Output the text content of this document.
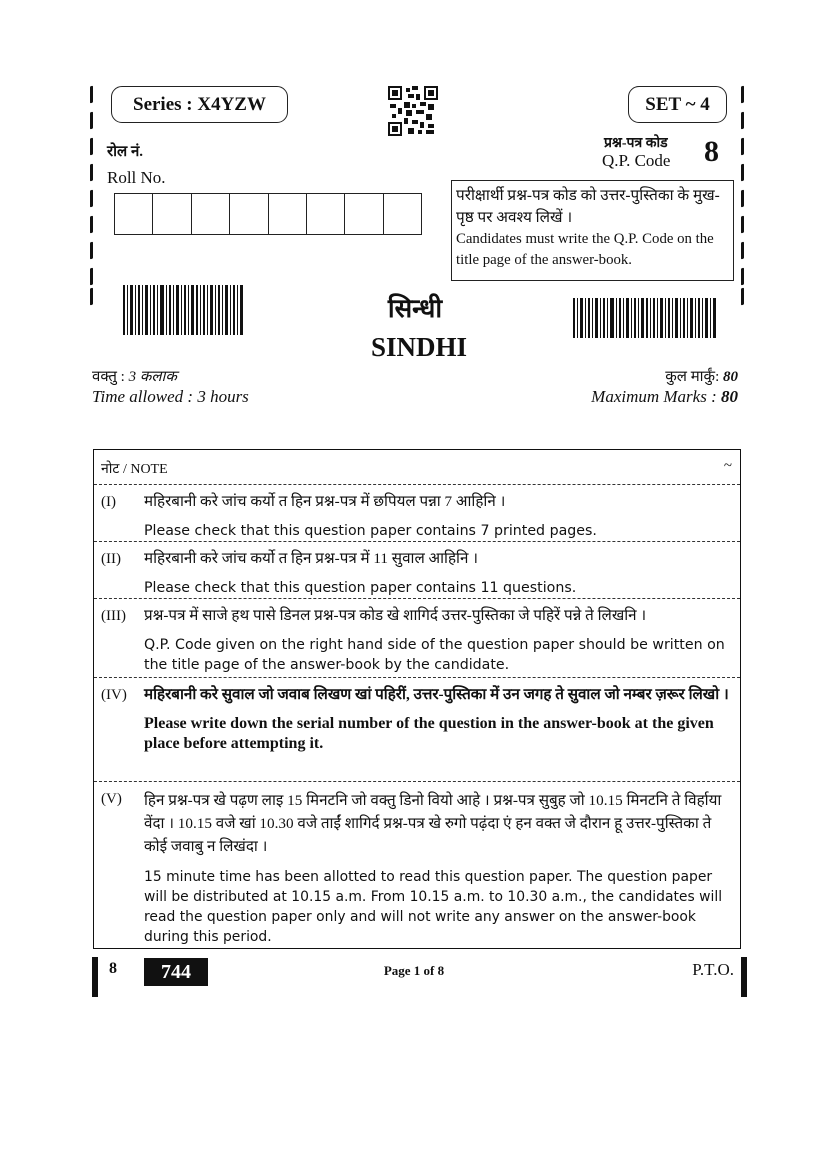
Series : X4YZW	SET ~ 4
रोल नं.
Roll No.
प्रश्न-पत्र कोड
Q.P. Code 8
परीक्षार्थी प्रश्न-पत्र कोड को उत्तर-पुस्तिका के मुख-पृष्ठ पर अवश्य लिखें ।
Candidates must write the Q.P. Code on the title page of the answer-book.
सिन्धी
SINDHI
वक्तु : 3 कलाक
Time allowed : 3 hours
कुल मार्कुं: 80
Maximum Marks : 80
नोट / NOTE	~
(I) महिरबानी करे जांच कर्यो त हिन प्रश्न-पत्र में छपियल पन्ना 7 आहिनि ।

Please check that this question paper contains 7 printed pages.

(II) महिरबानी करे जांच कर्यो त हिन प्रश्न-पत्र में 11 सुवाल आहिनि ।

Please check that this question paper contains 11 questions.

(III) प्रश्न-पत्र में साजे हथ पासे डिनल प्रश्न-पत्र कोड खे शागिर्द उत्तर-पुस्तिका जे पहिरें पन्ने ते लिखनि ।

Q.P. Code given on the right hand side of the question paper should be written on the title page of the answer-book by the candidate.

(IV) महिरबानी करे सुवाल जो जवाब लिखण खां पहिरीं, उत्तर-पुस्तिका में उन जगह ते सुवाल जो नम्बर ज़रूर लिखो ।

Please write down the serial number of the question in the answer-book at the given place before attempting it.

(V) हिन प्रश्न-पत्र खे पढ़ण लाइ 15 मिनटनि जो वक्तु डिनो वियो आहे । प्रश्न-पत्र सुबुह जो 10.15 मिनटनि ते विर्हाया वेंदा । 10.15 वजे खां 10.30 वजे ताईं शागिर्द प्रश्न-पत्र खे रुगो पढ़ंदा एं हन वक्त जे दौरान हू उत्तर-पुस्तिका ते कोई जवाबु न लिखंदा ।

15 minute time has been allotted to read this question paper. The question paper will be distributed at 10.15 a.m. From 10.15 a.m. to 10.30 a.m., the candidates will read the question paper only and will not write any answer on the answer-book during this period.

8	744	Page 1 of 8	P.T.O.
